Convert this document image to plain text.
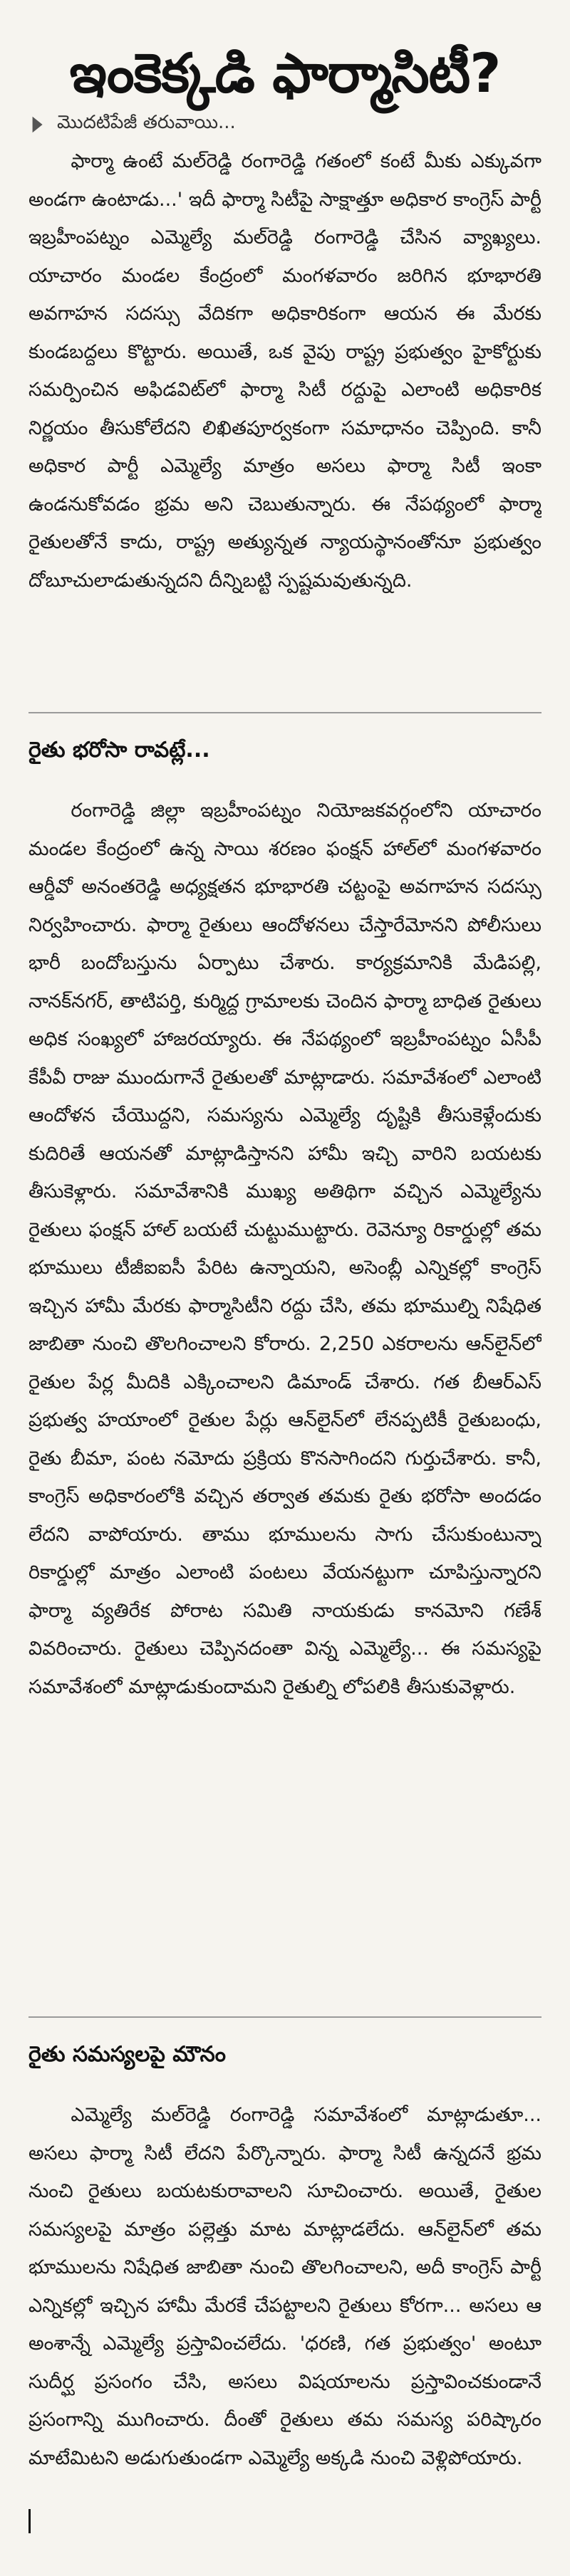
ఇంకెక్కడి ఫార్మాసిటీ?
మొదటిపేజీ తరువాయి...

ఫార్మా ఉంటే మల్‌రెడ్డి రంగారెడ్డి గతంలో కంటే మీకు ఎక్కువగా అండగా ఉంటాడు...' ఇదీ ఫార్మా సిటీపై సాక్షాత్తూ అధికార కాంగ్రెస్ పార్టీ ఇబ్రహీంపట్నం ఎమ్మెల్యే మల్‌రెడ్డి రంగారెడ్డి చేసిన వ్యాఖ్యలు. యాచారం మండల కేంద్రంలో మంగళవారం జరిగిన భూభారతి అవగాహన సదస్సు వేదికగా అధికారికంగా ఆయన ఈ మేరకు కుండబద్దలు కొట్టారు. అయితే, ఒక వైపు రాష్ట్ర ప్రభుత్వం హైకోర్టుకు సమర్పించిన అఫిడవిట్‌లో ఫార్మా సిటీ రద్దుపై ఎలాంటి అధికారిక నిర్ణయం తీసుకోలేదని లిఖితపూర్వకంగా సమాధానం చెప్పింది. కానీ అధికార పార్టీ ఎమ్మెల్యే మాత్రం అసలు ఫార్మా సిటీ ఇంకా ఉండనుకోవడం భ్రమ అని చెబుతున్నారు. ఈ నేపథ్యంలో ఫార్మా రైతులతోనే కాదు, రాష్ట్ర అత్యున్నత న్యాయస్థానంతోనూ ప్రభుత్వం దోబూచులాడుతున్నదని దీన్నిబట్టి స్పష్టమవుతున్నది.

రైతు భరోసా రావట్లే...

రంగారెడ్డి జిల్లా ఇబ్రహీంపట్నం నియోజకవర్గంలోని యాచారం మండల కేంద్రంలో ఉన్న సాయి శరణం ఫంక్షన్ హాల్‌లో మంగళవారం ఆర్డీవో అనంతరెడ్డి అధ్యక్షతన భూభారతి చట్టంపై అవగాహన సదస్సు నిర్వహించారు. ఫార్మా రైతులు ఆందోళనలు చేస్తారేమోనని పోలీసులు భారీ బందోబస్తును ఏర్పాటు చేశారు. కార్యక్రమానికి మేడిపల్లి, నానక్‌నగర్, తాటిపర్తి, కుర్మిద్ద గ్రామాలకు చెందిన ఫార్మా బాధిత రైతులు అధిక సంఖ్యలో హాజరయ్యారు. ఈ నేపథ్యంలో ఇబ్రహీంపట్నం ఏసీపీ కేపీవీ రాజు ముందుగానే రైతులతో మాట్లాడారు. సమావేశంలో ఎలాంటి ఆందోళన చేయొద్దని, సమస్యను ఎమ్మెల్యే దృష్టికి తీసుకెళ్లేందుకు కుదిరితే ఆయనతో మాట్లాడిస్తానని హామీ ఇచ్చి వారిని బయటకు తీసుకెళ్లారు. సమావేశానికి ముఖ్య అతిథిగా వచ్చిన ఎమ్మెల్యేను రైతులు ఫంక్షన్ హాల్ బయటే చుట్టుముట్టారు. రెవెన్యూ రికార్డుల్లో తమ భూములు టీజీఐఐసీ పేరిట ఉన్నాయని, అసెంబ్లీ ఎన్నికల్లో కాంగ్రెస్ ఇచ్చిన హామీ మేరకు ఫార్మాసిటీని రద్దు చేసి, తమ భూముల్ని నిషేధిత జాబితా నుంచి తొలగించాలని కోరారు. 2,250 ఎకరాలను ఆన్‌లైన్‌లో రైతుల పేర్ల మీదికి ఎక్కించాలని డిమాండ్ చేశారు. గత బీఆర్ఎస్ ప్రభుత్వ హయాంలో రైతుల పేర్లు ఆన్‌లైన్‌లో లేనప్పటికీ రైతుబంధు, రైతు బీమా, పంట నమోదు ప్రక్రియ కొనసాగిందని గుర్తుచేశారు. కానీ, కాంగ్రెస్ అధికారంలోకి వచ్చిన తర్వాత తమకు రైతు భరోసా అందడం లేదని వాపోయారు. తాము భూములను సాగు చేసుకుంటున్నా రికార్డుల్లో మాత్రం ఎలాంటి పంటలు వేయనట్టుగా చూపిస్తున్నారని ఫార్మా వ్యతిరేక పోరాట సమితి నాయకుడు కానమోని గణేశ్ వివరించారు. రైతులు చెప్పినదంతా విన్న ఎమ్మెల్యే... ఈ సమస్యపై సమావేశంలో మాట్లాడుకుందామని రైతుల్ని లోపలికి తీసుకువెళ్లారు.

రైతు సమస్యలపై మౌనం

ఎమ్మెల్యే మల్‌రెడ్డి రంగారెడ్డి సమావేశంలో మాట్లాడుతూ... అసలు ఫార్మా సిటీ లేదని పేర్కొన్నారు. ఫార్మా సిటీ ఉన్నదనే భ్రమ నుంచి రైతులు బయటకురావాలని సూచించారు. అయితే, రైతుల సమస్యలపై మాత్రం పల్లెత్తు మాట మాట్లాడలేదు. ఆన్‌లైన్‌లో తమ భూములను నిషేధిత జాబితా నుంచి తొలగించాలని, అదీ కాంగ్రెస్ పార్టీ ఎన్నికల్లో ఇచ్చిన హామీ మేరకే చేపట్టాలని రైతులు కోరగా... అసలు ఆ అంశాన్నే ఎమ్మెల్యే ప్రస్తావించలేదు. 'ధరణి, గత ప్రభుత్వం' అంటూ సుదీర్ఘ ప్రసంగం చేసి, అసలు విషయాలను ప్రస్తావించకుండానే ప్రసంగాన్ని ముగించారు. దీంతో రైతులు తమ సమస్య పరిష్కారం మాటేమిటని అడుగుతుండగా ఎమ్మెల్యే అక్కడి నుంచి వెళ్లిపోయారు.
